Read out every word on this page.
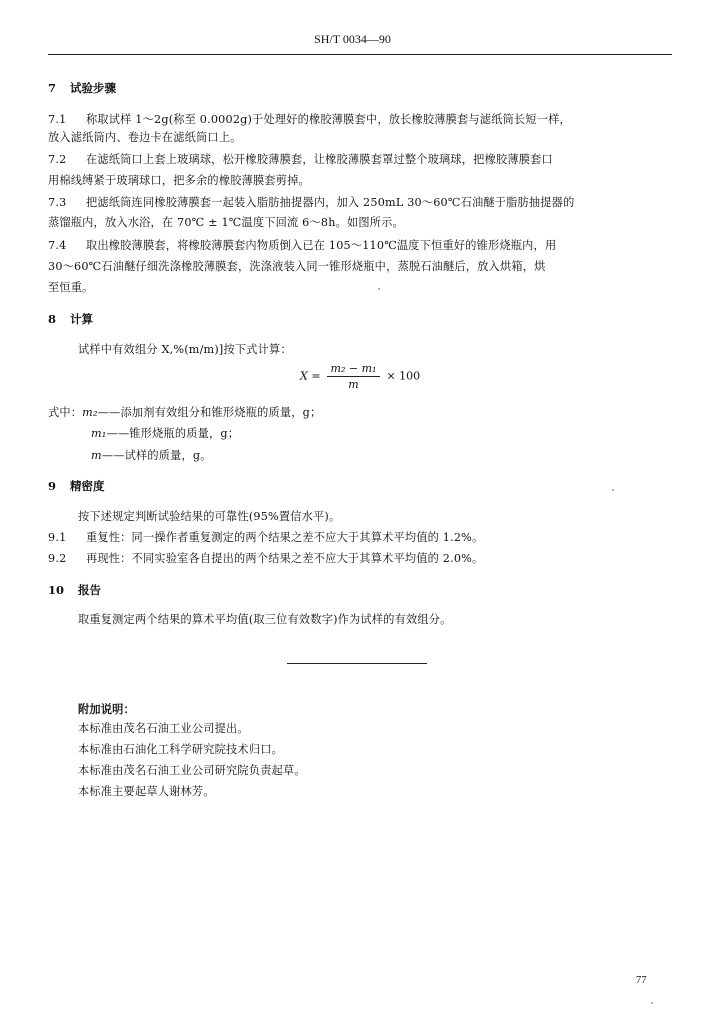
SH/T 0034—90
7 试验步骤
7.1 称取试样 1～2g(称至 0.0002g)于处理好的橡胶薄膜套中，放长橡胶薄膜套与滤纸筒长短一样，
放入滤纸筒内、卷边卡在滤纸筒口上。
7.2 在滤纸筒口上套上玻璃球，松开橡胶薄膜套，让橡胶薄膜套罩过整个玻璃球，把橡胶薄膜套口
用棉线缚紧于玻璃球口，把多余的橡胶薄膜套剪掉。
7.3 把滤纸筒连同橡胶薄膜套一起装入脂肪抽提器内，加入 250mL 30～60℃石油醚于脂肪抽提器的
蒸馏瓶内，放入水浴，在 70℃ ± 1℃温度下回流 6～8h。如图所示。
7.4 取出橡胶薄膜套，将橡胶薄膜套内物质倒入已在 105～110℃温度下恒重好的锥形烧瓶内，用
30～60℃石油醚仔细洗涤橡胶薄膜套，洗涤液装入同一锥形烧瓶中，蒸脱石油醚后，放入烘箱，烘
至恒重。
8 计算
试样中有效组分 X,%(m/m)]按下式计算：
$X = \frac{\text{m₂ − m₁}}{m} \times 100$
式中：m₂——添加剂有效组分和锥形烧瓶的质量，g；
m₁——锥形烧瓶的质量，g；
m——试样的质量，g。
9 精密度
按下述规定判断试验结果的可靠性(95%置信水平)。
9.1 重复性：同一操作者重复测定的两个结果之差不应大于其算术平均值的 1.2%。
9.2 再现性：不同实验室各自提出的两个结果之差不应大于其算术平均值的 2.0%。
10 报告
取重复测定两个结果的算术平均值(取三位有效数字)作为试样的有效组分。
附加说明：
本标准由茂名石油工业公司提出。
本标准由石油化工科学研究院技术归口。
本标准由茂名石油工业公司研究院负责起草。
本标准主要起草人谢林芳。
77
